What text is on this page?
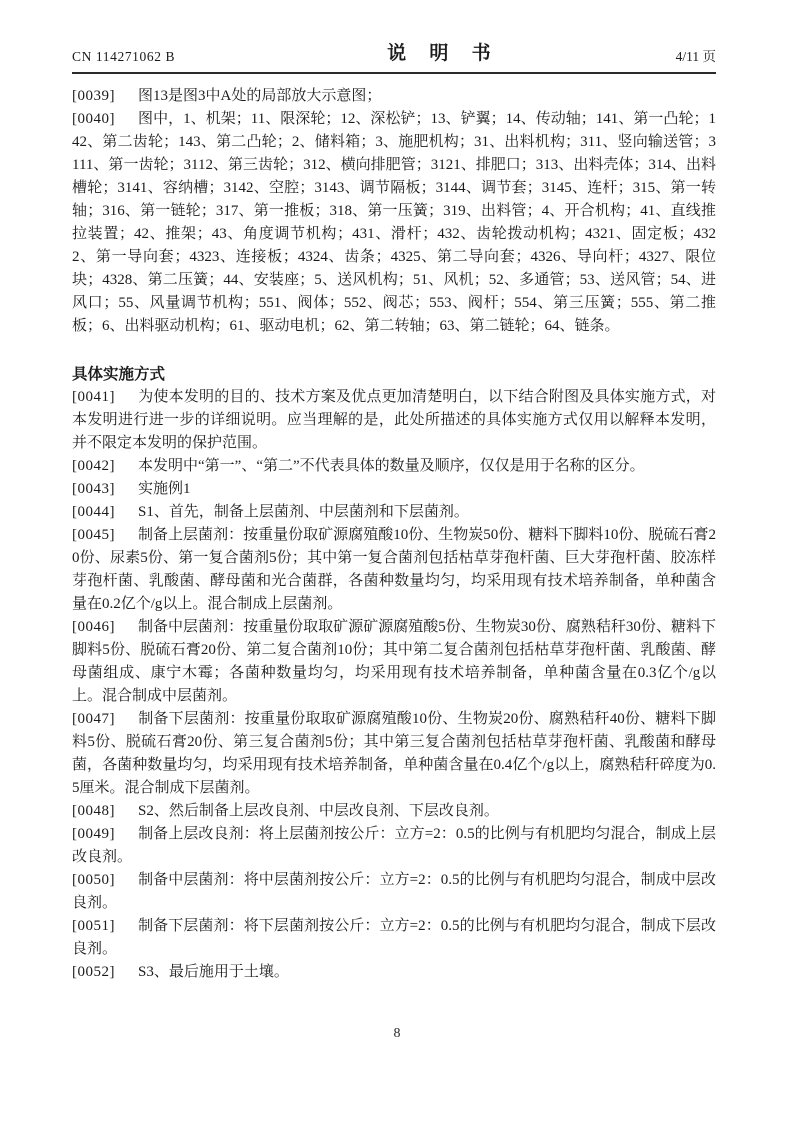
CN 114271062 B	说 明 书	4/11 页

[0039] 图13是图3中A处的局部放大示意图；

[0040] 图中，1、机架；11、限深轮；12、深松铲；13、铲翼；14、传动轴；141、第一凸轮；142、第二齿轮；143、第二凸轮；2、储料箱；3、施肥机构；31、出料机构；311、竖向输送管；3111、第一齿轮；3112、第三齿轮；312、横向排肥管；3121、排肥口；313、出料壳体；314、出料槽轮；3141、容纳槽；3142、空腔；3143、调节隔板；3144、调节套；3145、连杆；315、第一转轴；316、第一链轮；317、第一推板；318、第一压簧；319、出料管；4、开合机构；41、直线推拉装置；42、推架；43、角度调节机构；431、滑杆；432、齿轮拨动机构；4321、固定板；4322、第一导向套；4323、连接板；4324、齿条；4325、第二导向套；4326、导向杆；4327、限位块；4328、第二压簧；44、安装座；5、送风机构；51、风机；52、多通管；53、送风管；54、进风口；55、风量调节机构；551、阀体；552、阀芯；553、阀杆；554、第三压簧；555、第二推板；6、出料驱动机构；61、驱动电机；62、第二转轴；63、第二链轮；64、链条。

具体实施方式

[0041] 为使本发明的目的、技术方案及优点更加清楚明白，以下结合附图及具体实施方式，对本发明进行进一步的详细说明。应当理解的是，此处所描述的具体实施方式仅用以解释本发明，并不限定本发明的保护范围。

[0042] 本发明中“第一”、“第二”不代表具体的数量及顺序，仅仅是用于名称的区分。

[0043] 实施例1

[0044] S1、首先，制备上层菌剂、中层菌剂和下层菌剂。

[0045] 制备上层菌剂：按重量份取矿源腐殖酸10份、生物炭50份、糖料下脚料10份、脱硫石膏20份、尿素5份、第一复合菌剂5份；其中第一复合菌剂包括枯草芽孢杆菌、巨大芽孢杆菌、胶冻样芽孢杆菌、乳酸菌、酵母菌和光合菌群，各菌种数量均匀，均采用现有技术培养制备，单种菌含量在0.2亿个/g以上。混合制成上层菌剂。

[0046] 制备中层菌剂：按重量份取取矿源矿源腐殖酸5份、生物炭30份、腐熟秸秆30份、糖料下脚料5份、脱硫石膏20份、第二复合菌剂10份；其中第二复合菌剂包括枯草芽孢杆菌、乳酸菌、酵母菌组成、康宁木霉；各菌种数量均匀，均采用现有技术培养制备，单种菌含量在0.3亿个/g以上。混合制成中层菌剂。

[0047] 制备下层菌剂：按重量份取取矿源腐殖酸10份、生物炭20份、腐熟秸秆40份、糖料下脚料5份、脱硫石膏20份、第三复合菌剂5份；其中第三复合菌剂包括枯草芽孢杆菌、乳酸菌和酵母菌，各菌种数量均匀，均采用现有技术培养制备，单种菌含量在0.4亿个/g以上，腐熟秸秆碎度为0.5厘米。混合制成下层菌剂。

[0048] S2、然后制备上层改良剂、中层改良剂、下层改良剂。

[0049] 制备上层改良剂：将上层菌剂按公斤：立方=2：0.5的比例与有机肥均匀混合，制成上层改良剂。

[0050] 制备中层菌剂：将中层菌剂按公斤：立方=2：0.5的比例与有机肥均匀混合，制成中层改良剂。

[0051] 制备下层菌剂：将下层菌剂按公斤：立方=2：0.5的比例与有机肥均匀混合，制成下层改良剂。

[0052] S3、最后施用于土壤。

8
